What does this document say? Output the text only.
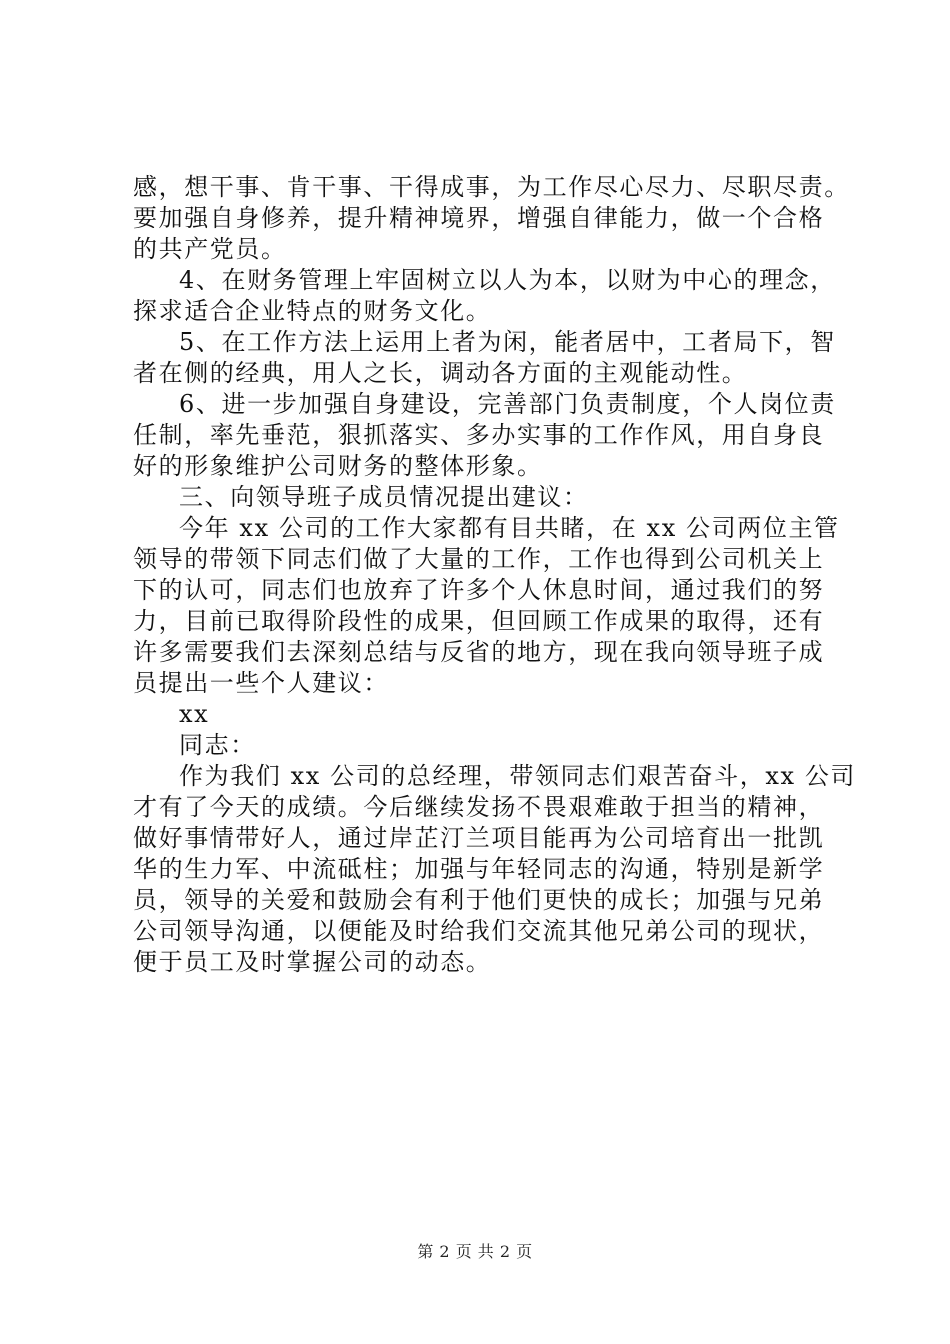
感，想干事、肯干事、干得成事，为工作尽心尽力、尽职尽责。
要加强自身修养，提升精神境界，增强自律能力，做一个合格
的共产党员。
4、在财务管理上牢固树立以人为本，以财为中心的理念，
探求适合企业特点的财务文化。
5、在工作方法上运用上者为闲，能者居中，工者局下，智
者在侧的经典，用人之长，调动各方面的主观能动性。
6、进一步加强自身建设，完善部门负责制度，个人岗位责
任制，率先垂范，狠抓落实、多办实事的工作作风，用自身良
好的形象维护公司财务的整体形象。
三、向领导班子成员情况提出建议：
今年 xx 公司的工作大家都有目共睹，在 xx 公司两位主管
领导的带领下同志们做了大量的工作，工作也得到公司机关上
下的认可，同志们也放弃了许多个人休息时间，通过我们的努
力，目前已取得阶段性的成果，但回顾工作成果的取得，还有
许多需要我们去深刻总结与反省的地方，现在我向领导班子成
员提出一些个人建议：
xx
同志：
作为我们 xx 公司的总经理，带领同志们艰苦奋斗，xx 公司
才有了今天的成绩。今后继续发扬不畏艰难敢于担当的精神，
做好事情带好人，通过岸芷汀兰项目能再为公司培育出一批凯
华的生力军、中流砥柱；加强与年轻同志的沟通，特别是新学
员，领导的关爱和鼓励会有利于他们更快的成长；加强与兄弟
公司领导沟通，以便能及时给我们交流其他兄弟公司的现状，
便于员工及时掌握公司的动态。
第 2 页 共 2 页
